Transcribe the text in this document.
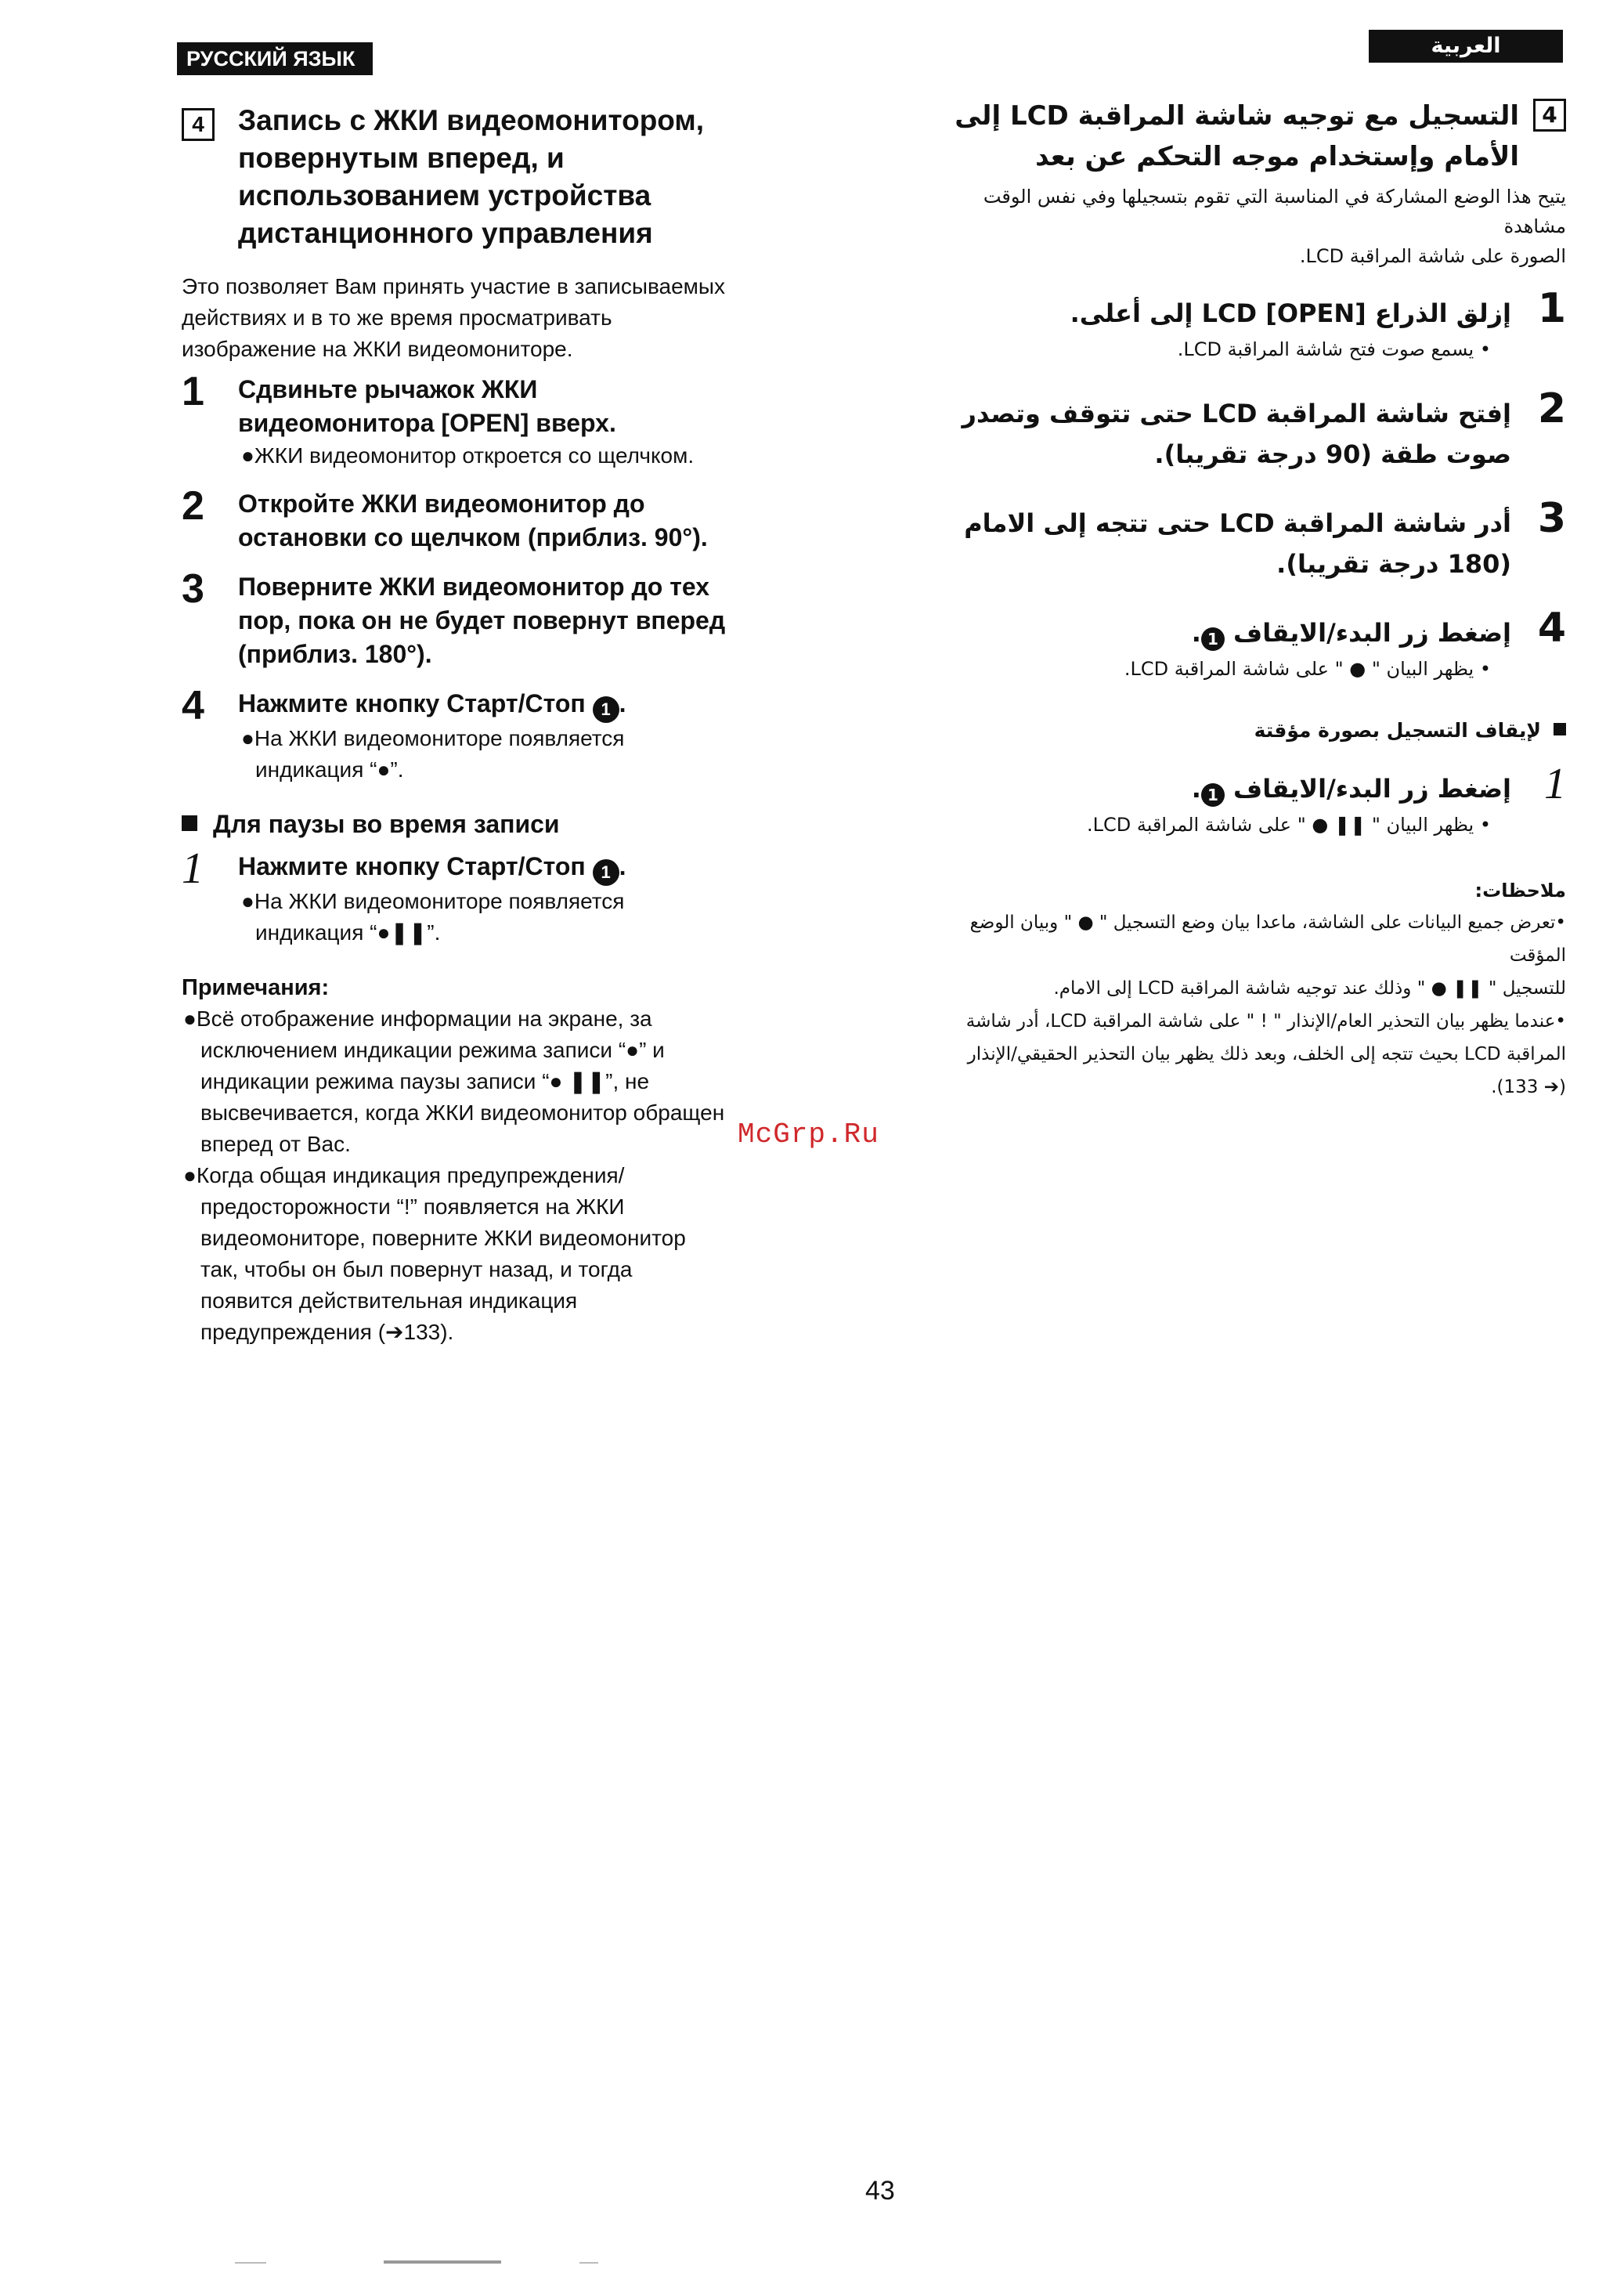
РУССКИЙ ЯЗЫК
العربية
4	Запись с ЖКИ видеомонитором,
повернутым вперед, и
использованием устройства
дистанционного управления
Это позволяет Вам принять участие в записываемых
действиях и в то же время просматривать
изображение на ЖКИ видеомониторе.
1 Сдвиньте рычажок ЖКИ
видеомонитора [OPEN] вверх.
●ЖКИ видеомонитор откроется со щелчком.
2 Откройте ЖКИ видеомонитор до
остановки со щелчком (приблиз. 90°).
3 Поверните ЖКИ видеомонитор до тех
пор, пока он не будет повернут вперед
(приблиз. 180°).
4 Нажмите кнопку Старт/Стоп 1 .
●На ЖКИ видеомониторе появляется
индикация “●”.
Для паузы во время записи
1 Нажмите кнопку Старт/Стоп 1 .
●На ЖКИ видеомониторе появляется
индикация “●❚❚”.
Примечания:
●Всё отображение информации на экране, за
исключением индикации режима записи “●” и
индикации режима паузы записи “● ❚❚”, не
высвечивается, когда ЖКИ видеомонитор обращен
вперед от Вас.
●Когда общая индикация предупреждения/
предосторожности “!” появляется на ЖКИ
видеомониторе, поверните ЖКИ видеомонитор
так, чтобы он был повернут назад, и тогда
появится действительная индикация
предупреждения (➔133).
4
التسجيل مع توجيه شاشة المراقبة LCD إلى
الأمام وإستخدام موجه التحكم عن بعد
يتيح هذا الوضع المشاركة في المناسبة التي تقوم بتسجيلها وفي نفس الوقت مشاهدة
الصورة على شاشة المراقبة LCD.
1
إزلق الذراع [OPEN] LCD إلى أعلى.
• يسمع صوت فتح شاشة المراقبة LCD.
2
إفتح شاشة المراقبة LCD حتى تتوقف وتصدر
صوت طقة (90 درجة تقريبا).
3
أدر شاشة المراقبة LCD حتى تتجه إلى الامام
(180 درجة تقريبا).
4
إضغط زر البدء/الايقاف 1.
• يظهر البيان " ● " على شاشة المراقبة LCD.
لإيقاف التسجيل بصورة مؤقتة
1
إضغط زر البدء/الايقاف 1.
• يظهر البيان " ❚❚ ● " على شاشة المراقبة LCD.
ملاحظات:
•تعرض جميع البيانات على الشاشة، ماعدا بيان وضع التسجيل " ● " وبيان الوضع المؤقت
للتسجيل " ❚❚ ● " وذلك عند توجيه شاشة المراقبة LCD إلى الامام.
•عندما يظهر بيان التحذير العام/الإنذار " ! " على شاشة المراقبة LCD، أدر شاشة
المراقبة LCD بحيث تتجه إلى الخلف، وبعد ذلك يظهر بيان التحذير الحقيقي/الإنذار
(➔ 133).
McGrp.Ru
43
